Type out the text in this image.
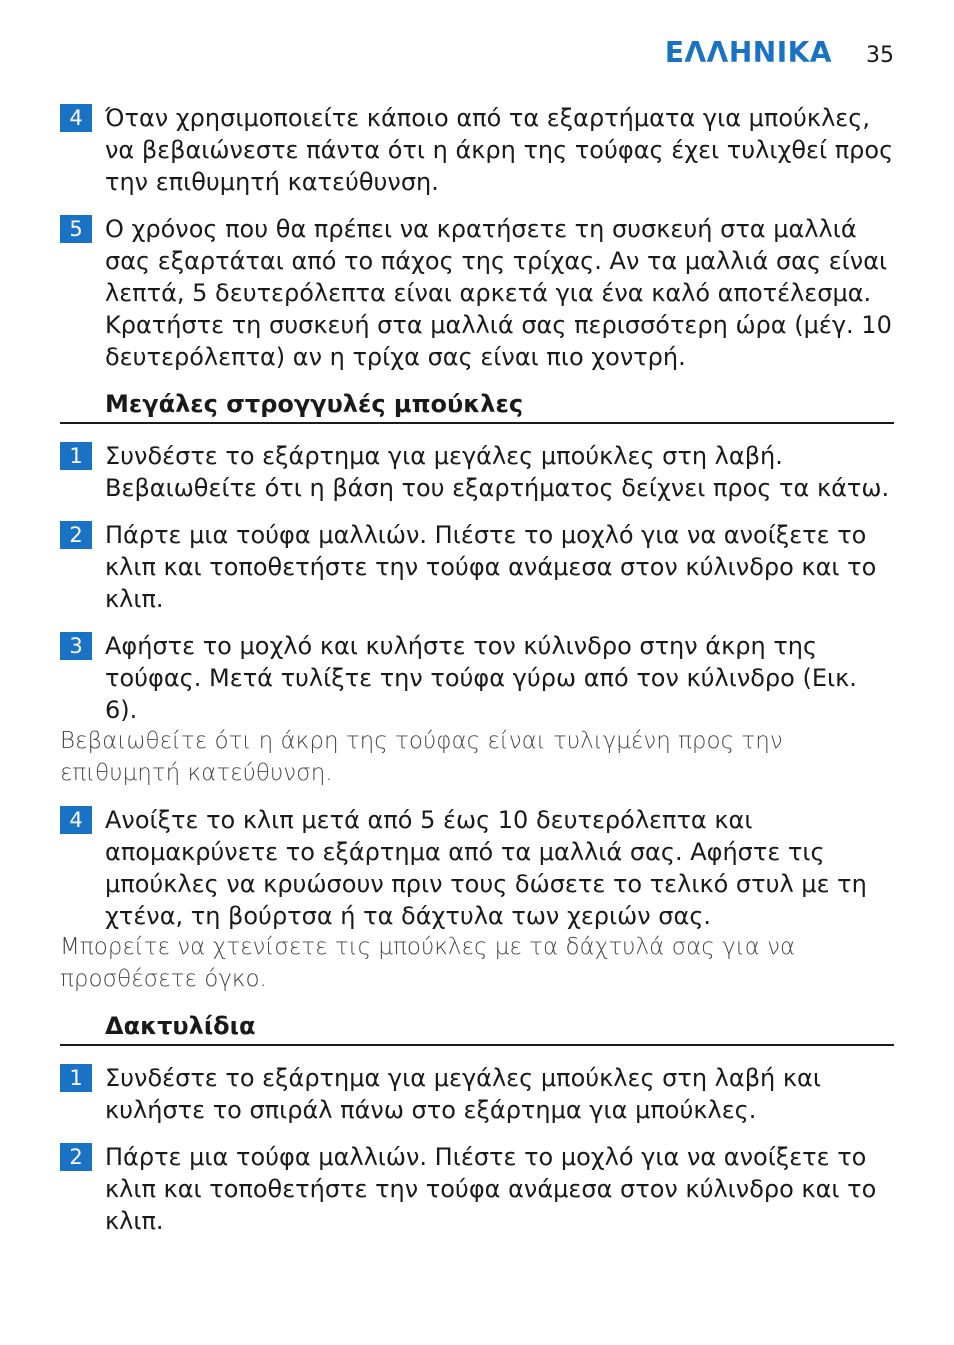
ΕΛΛΗΝΙΚΑ 35
4 Όταν χρησιμοποιείτε κάποιο από τα εξαρτήματα για μπούκλες, να βεβαιώνεστε πάντα ότι η άκρη της τούφας έχει τυλιχθεί προς την επιθυμητή κατεύθυνση.
5 Ο χρόνος που θα πρέπει να κρατήσετε τη συσκευή στα μαλλιά σας εξαρτάται από το πάχος της τρίχας. Αν τα μαλλιά σας είναι λεπτά, 5 δευτερόλεπτα είναι αρκετά για ένα καλό αποτέλεσμα. Κρατήστε τη συσκευή στα μαλλιά σας περισσότερη ώρα (μέγ. 10 δευτερόλεπτα) αν η τρίχα σας είναι πιο χοντρή.
Μεγάλες στρογγυλές μπούκλες
1 Συνδέστε το εξάρτημα για μεγάλες μπούκλες στη λαβή. Βεβαιωθείτε ότι η βάση του εξαρτήματος δείχνει προς τα κάτω.
2 Πάρτε μια τούφα μαλλιών. Πιέστε το μοχλό για να ανοίξετε το κλιπ και τοποθετήστε την τούφα ανάμεσα στον κύλινδρο και το κλιπ.
3 Αφήστε το μοχλό και κυλήστε τον κύλινδρο στην άκρη της τούφας. Μετά τυλίξτε την τούφα γύρω από τον κύλινδρο (Εικ. 6).
Βεβαιωθείτε ότι η άκρη της τούφας είναι τυλιγμένη προς την επιθυμητή κατεύθυνση.
4 Ανοίξτε το κλιπ μετά από 5 έως 10 δευτερόλεπτα και απομακρύνετε το εξάρτημα από τα μαλλιά σας. Αφήστε τις μπούκλες να κρυώσουν πριν τους δώσετε το τελικό στυλ με τη χτένα, τη βούρτσα ή τα δάχτυλα των χεριών σας.
Μπορείτε να χτενίσετε τις μπούκλες με τα δάχτυλά σας για να προσθέσετε όγκο.
Δακτυλίδια
1 Συνδέστε το εξάρτημα για μεγάλες μπούκλες στη λαβή και κυλήστε το σπιράλ πάνω στο εξάρτημα για μπούκλες.
2 Πάρτε μια τούφα μαλλιών. Πιέστε το μοχλό για να ανοίξετε το κλιπ και τοποθετήστε την τούφα ανάμεσα στον κύλινδρο και το κλιπ.
